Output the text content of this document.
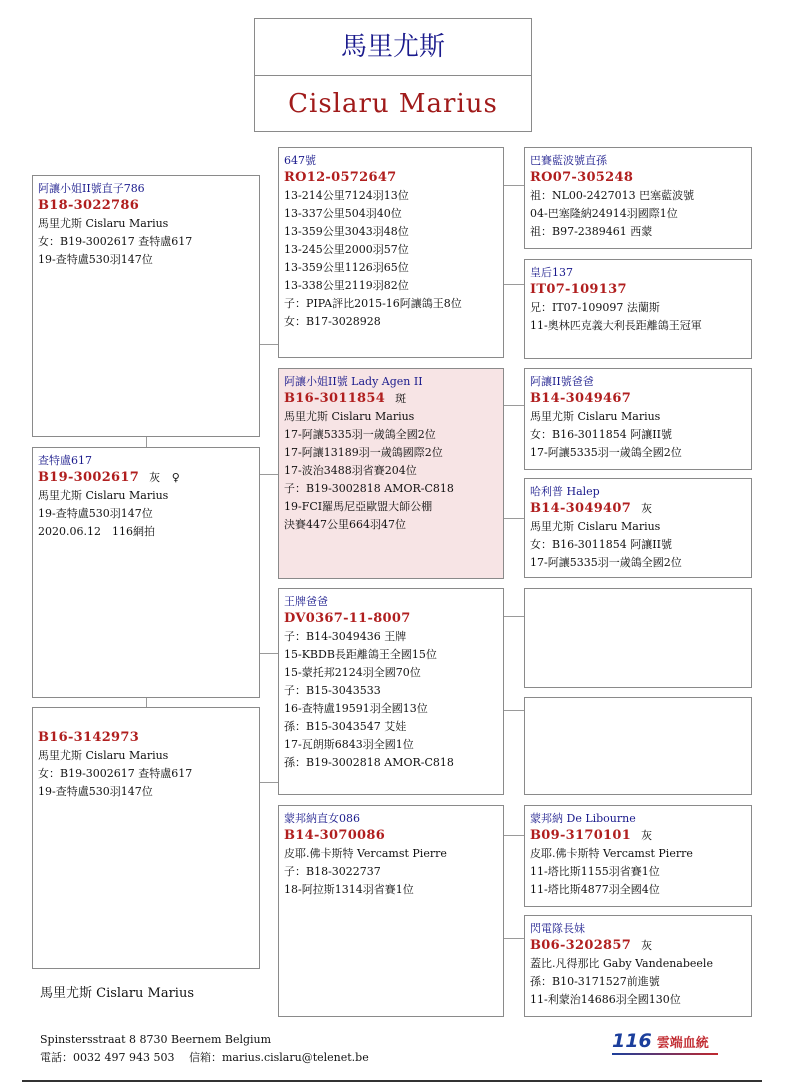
馬里尤斯
Cislaru Marius
阿讓小姐II號直子786
B18-3022786
馬里尤斯 Cislaru Marius
女：B19-3002617 查特盧617
19-查特盧530羽147位
查特盧617
B19-3002617 灰　♀
馬里尤斯 Cislaru Marius
19-查特盧530羽147位
2020.06.12　116網拍
B16-3142973
馬里尤斯 Cislaru Marius
女：B19-3002617 查特盧617
19-查特盧530羽147位
647號
RO12-0572647
13-214公里7124羽13位
13-337公里504羽40位
13-359公里3043羽48位
13-245公里2000羽57位
13-359公里1126羽65位
13-338公里2119羽82位
子：PIPA評比2015-16阿讓鴿王8位
女：B17-3028928
阿讓小姐II號 Lady Agen II
B16-3011854 斑
馬里尤斯 Cislaru Marius
17-阿讓5335羽一歲鴿全國2位
17-阿讓13189羽一歲鴿國際2位
17-波治3488羽省賽204位
子：B19-3002818 AMOR-C818
19-FCI羅馬尼亞歐盟大師公棚
決賽447公里664羽47位
王牌爸爸
DV0367-11-8007
子：B14-3049436 王牌
15-KBDB長距離鴿王全國15位
15-蒙托邦2124羽全國70位
子：B15-3043533
16-查特盧19591羽全國13位
孫：B15-3043547 艾娃
17-瓦朗斯6843羽全國1位
孫：B19-3002818 AMOR-C818
蒙邦納直女086
B14-3070086
皮耶.佛卡斯特 Vercamst Pierre
子：B18-3022737
18-阿拉斯1314羽省賽1位
巴賽藍波號直孫
RO07-305248
祖：NL00-2427013 巴塞藍波號
04-巴塞隆納24914羽國際1位
祖：B97-2389461 西蒙
皇后137
IT07-109137
兄：IT07-109097 法蘭斯
11-奧林匹克義大利長距離鴿王冠軍
阿讓II號爸爸
B14-3049467
馬里尤斯 Cislaru Marius
女：B16-3011854 阿讓II號
17-阿讓5335羽一歲鴿全國2位
哈利普 Halep
B14-3049407 灰
馬里尤斯 Cislaru Marius
女：B16-3011854 阿讓II號
17-阿讓5335羽一歲鴿全國2位
蒙邦納 De Libourne
B09-3170101 灰
皮耶.佛卡斯特 Vercamst Pierre
11-塔比斯1155羽省賽1位
11-塔比斯4877羽全國4位
閃電隊長妹
B06-3202857 灰
蓋比.凡得那比 Gaby Vandenabeele
孫：B10-3171527前進號
11-利蒙治14686羽全國130位
馬里尤斯 Cislaru Marius
Spinstersstraat 8 8730 Beernem Belgium
電話：0032 497 943 503　 信箱：marius.cislaru@telenet.be
116 雲端血統
